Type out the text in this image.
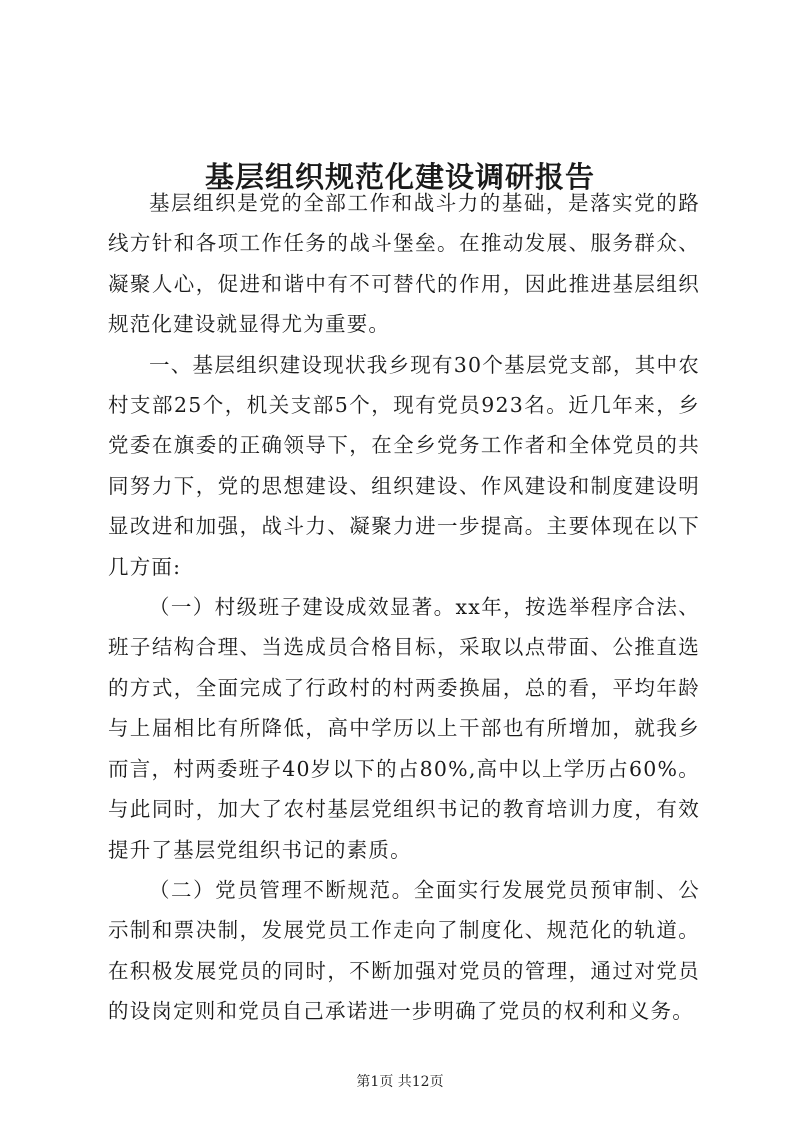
基层组织规范化建设调研报告

基层组织是党的全部工作和战斗力的基础，是落实党的路线方针和各项工作任务的战斗堡垒。在推动发展、服务群众、凝聚人心，促进和谐中有不可替代的作用，因此推进基层组织规范化建设就显得尤为重要。

一、基层组织建设现状我乡现有30个基层党支部，其中农村支部25个，机关支部5个，现有党员923名。近几年来，乡党委在旗委的正确领导下，在全乡党务工作者和全体党员的共同努力下，党的思想建设、组织建设、作风建设和制度建设明显改进和加强，战斗力、凝聚力进一步提高。主要体现在以下几方面:

（一）村级班子建设成效显著。xx年，按选举程序合法、班子结构合理、当选成员合格目标，采取以点带面、公推直选的方式，全面完成了行政村的村两委换届，总的看，平均年龄与上届相比有所降低，高中学历以上干部也有所增加，就我乡而言，村两委班子40岁以下的占80%,高中以上学历占60%。与此同时，加大了农村基层党组织书记的教育培训力度，有效提升了基层党组织书记的素质。

（二）党员管理不断规范。全面实行发展党员预审制、公示制和票决制，发展党员工作走向了制度化、规范化的轨道。在积极发展党员的同时，不断加强对党员的管理，通过对党员的设岗定则和党员自己承诺进一步明确了党员的权利和义务。

第1页 共12页
